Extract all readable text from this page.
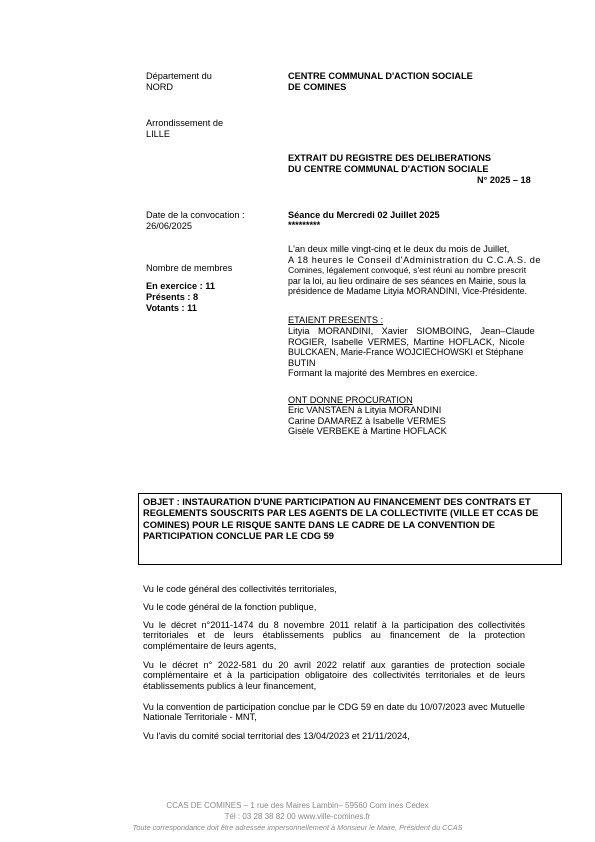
Département du
NORD
Arrondissement de
LILLE
CENTRE COMMUNAL D'ACTION SOCIALE
DE COMINES
EXTRAIT DU REGISTRE DES DELIBERATIONS
DU CENTRE COMMUNAL D'ACTION SOCIALE
N° 2025 – 18
Date de la convocation :
26/06/2025
Séance du Mercredi 02 Juillet 2025
*********
L'an deux mille vingt-cinq et le deux du mois de Juillet,
A 18 heures le Conseil d'Administration du C.C.A.S. de
Comines, légalement convoqué, s'est réuni au nombre prescrit
par la loi, au lieu ordinaire de ses séances en Mairie, sous la
présidence de Madame Lityia MORANDINI, Vice-Présidente.
Nombre de membres
En exercice : 11
Présents : 8
Votants : 11
ETAIENT PRESENTS :
Lityia MORANDINI, Xavier SIOMBOING, Jean–Claude
ROGIER, Isabelle VERMES, Martine HOFLACK, Nicole
BULCKAEN, Marie-France WOJCIECHOWSKI et Stéphane
BUTIN
Formant la majorité des Membres en exercice.
ONT DONNE PROCURATION
Eric VANSTAEN à Lityia MORANDINI
Carine DAMAREZ à Isabelle VERMES
Gisèle VERBEKE à Martine HOFLACK
OBJET : INSTAURATION D'UNE PARTICIPATION AU FINANCEMENT DES CONTRATS ET REGLEMENTS SOUSCRITS PAR LES AGENTS DE LA COLLECTIVITE (VILLE ET CCAS DE COMINES) POUR LE RISQUE SANTE DANS LE CADRE DE LA CONVENTION DE PARTICIPATION CONCLUE PAR LE CDG 59
Vu le code général des collectivités territoriales,
Vu le code général de la fonction publique,
Vu le décret n°2011-1474 du 8 novembre 2011 relatif à la participation des collectivités territoriales et de leurs établissements publics au financement de la protection complémentaire de leurs agents,
Vu le décret n° 2022-581 du 20 avril 2022 relatif aux garanties de protection sociale complémentaire et à la participation obligatoire des collectivités territoriales et de leurs établissements publics à leur financement,
Vu la convention de participation conclue par le CDG 59 en date du 10/07/2023 avec Mutuelle Nationale Territoriale - MNT,
Vu l'avis du comité social territorial des 13/04/2023 et 21/11/2024,
CCAS DE COMINES – 1 rue des Maires Lambin– 59560 Com ines Cedex
Tél : 03 28 38 82 00 www.ville-comines.fr
Toute correspondance doit être adressée impersonnellement à Monsieur le Maire, Président du CCAS
